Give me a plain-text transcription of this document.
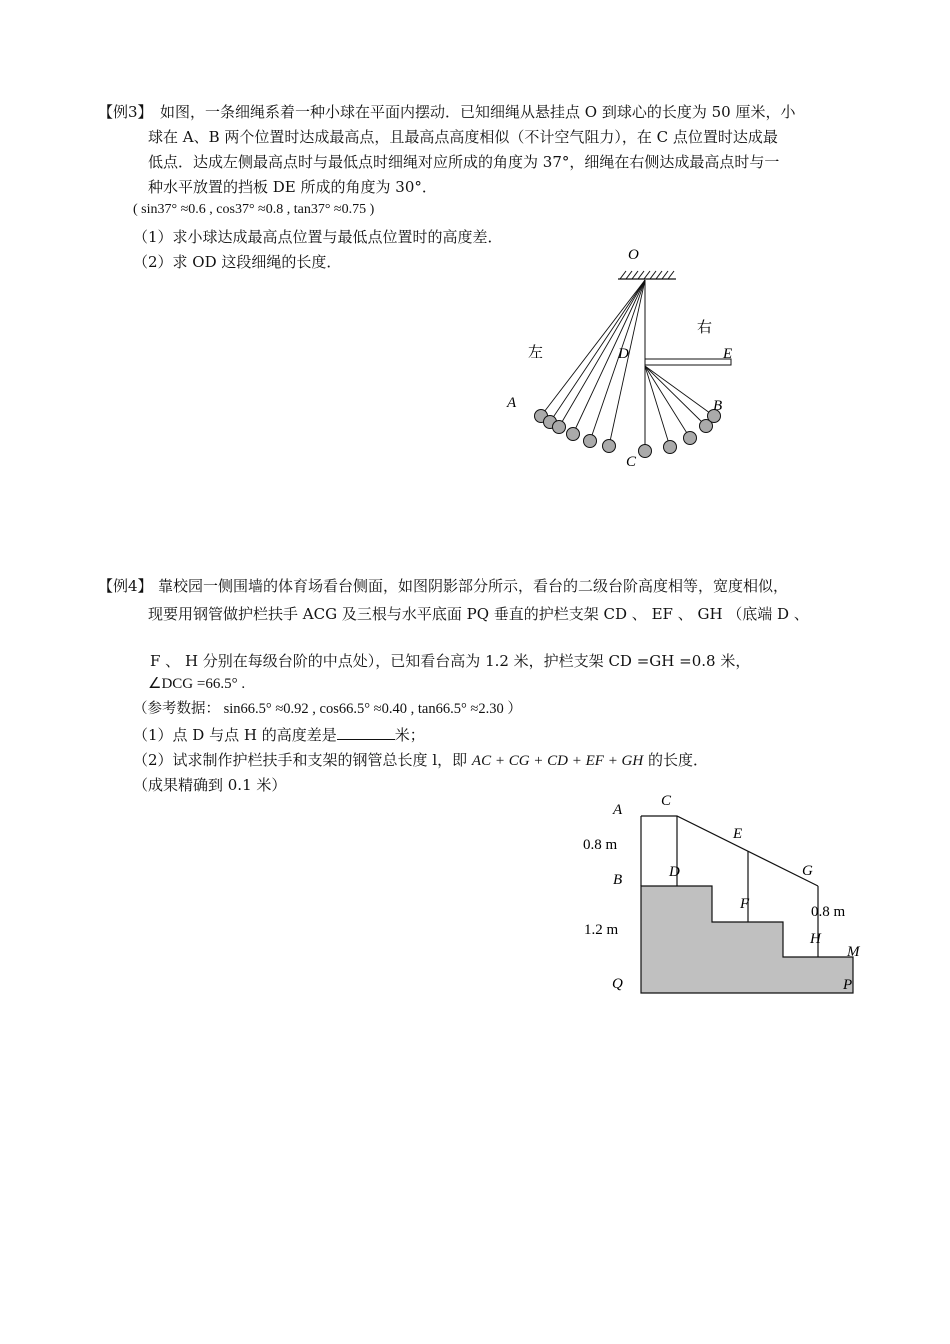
【例3】 如图，一条细绳系着一种小球在平面内摆动．已知细绳从悬挂点 O 到球心的长度为 50 厘米，小
球在 A、B 两个位置时达成最高点，且最高点高度相似（不计空气阻力），在 C 点位置时达成最
低点．达成左侧最高点时与最低点时细绳对应所成的角度为 37°，细绳在右侧达成最高点时与一
种水平放置的挡板 DE 所成的角度为 30°．
( sin37° ≈0.6 , cos37° ≈0.8 , tan37° ≈0.75 )
（1）求小球达成最高点位置与最低点位置时的高度差．
（2）求 OD 这段细绳的长度．	O
右
左	D	E
A	B
C
【例4】 靠校园一侧围墙的体育场看台侧面，如图阴影部分所示，看台的二级台阶高度相等，宽度相似，
现要用钢管做护栏扶手 ACG 及三根与水平底面 PQ 垂直的护栏支架 CD 、 EF 、 GH （底端 D 、
F 、 H 分别在每级台阶的中点处），已知看台高为 1.2 米，护栏支架 CD =GH =0.8 米，
∠DCG =66.5° .
（参考数据： sin66.5° ≈0.92 , cos66.5° ≈0.40 , tan66.5° ≈2.30 ）
（1）点 D 与点 H 的高度差是	米；
（2）试求制作护栏扶手和支架的钢管总长度 l，即 AC + CG + CD + EF + GH 的长度．
（成果精确到 0.1 米）
A
C
E
0.8 m
G
B	D
F	0.8 m
1.2 m
H
M
Q	P
